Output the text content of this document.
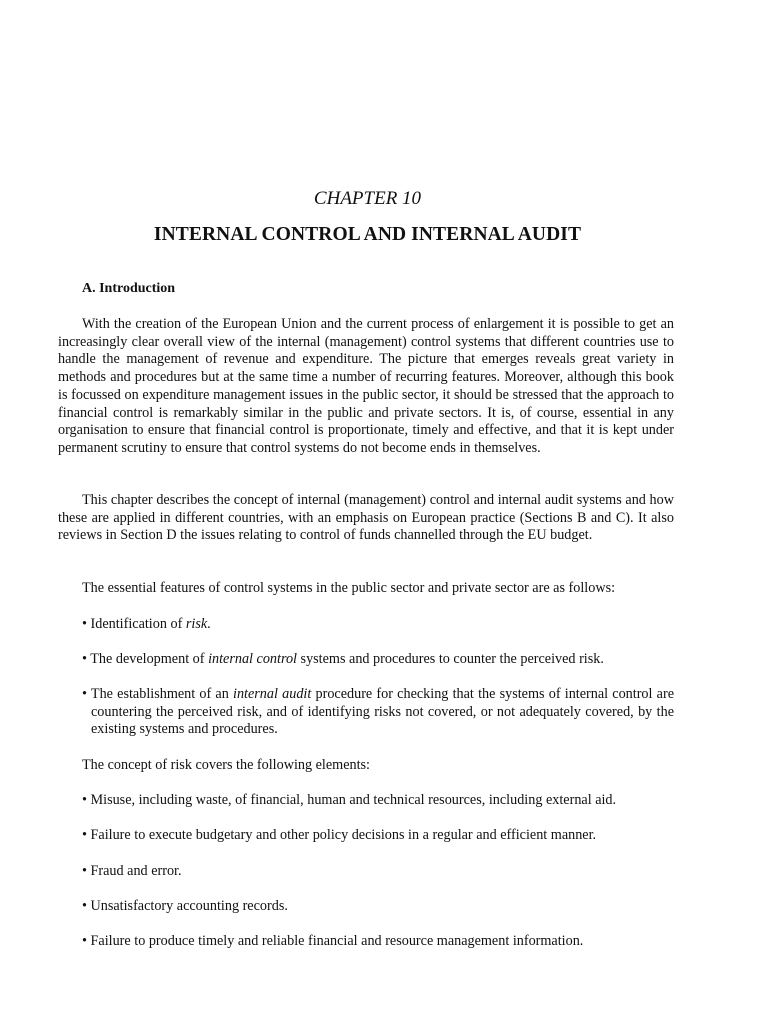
CHAPTER 10
INTERNAL CONTROL AND INTERNAL AUDIT
A. Introduction

With the creation of the European Union and the current process of enlargement it is possible to get an increasingly clear overall view of the internal (management) control systems that different countries use to handle the management of revenue and expenditure. The picture that emerges reveals great variety in methods and procedures but at the same time a number of recurring features. Moreover, although this book is focussed on expenditure management issues in the public sector, it should be stressed that the approach to financial control is remarkably similar in the public and private sectors. It is, of course, essential in any organisation to ensure that financial control is proportionate, timely and effective, and that it is kept under permanent scrutiny to ensure that control systems do not become ends in themselves.

This chapter describes the concept of internal (management) control and internal audit systems and how these are applied in different countries, with an emphasis on European practice (Sections B and C). It also reviews in Section D the issues relating to control of funds channelled through the EU budget.

The essential features of control systems in the public sector and private sector are as follows:

• Identification of risk.
• The development of internal control systems and procedures to counter the perceived risk.
• The establishment of an internal audit procedure for checking that the systems of internal control are countering the perceived risk, and of identifying risks not covered, or not adequately covered, by the existing systems and procedures.

The concept of risk covers the following elements:

• Misuse, including waste, of financial, human and technical resources, including external aid.
• Failure to execute budgetary and other policy decisions in a regular and efficient manner.
• Fraud and error.
• Unsatisfactory accounting records.
• Failure to produce timely and reliable financial and resource management information.
